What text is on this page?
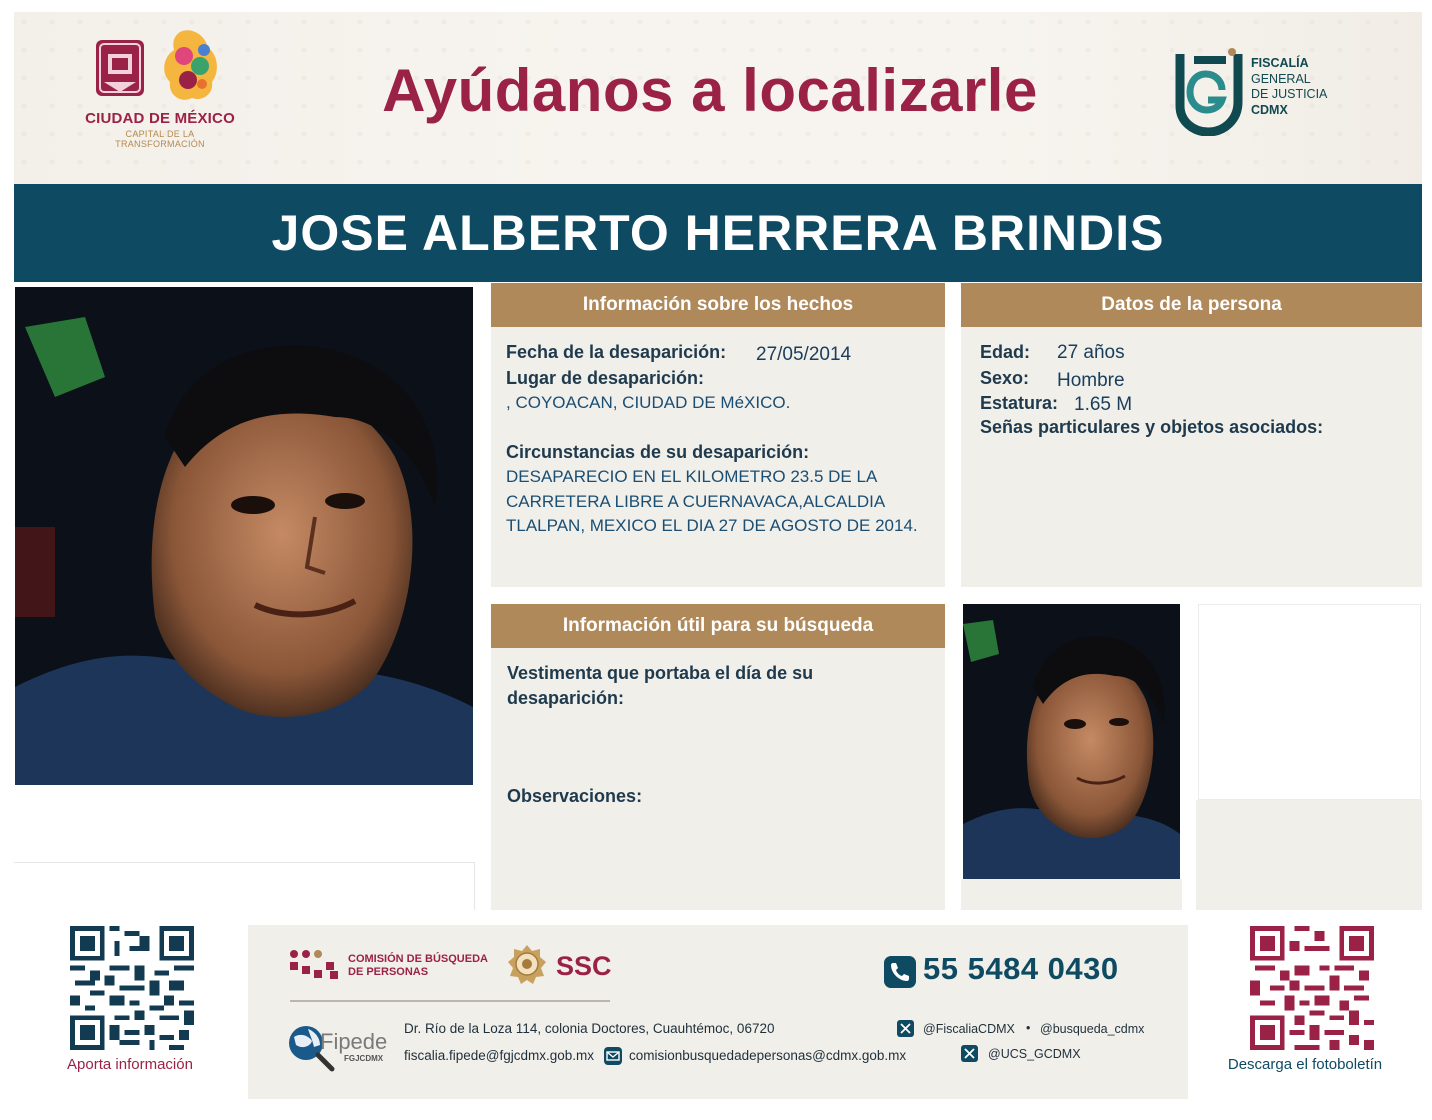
CIUDAD DE MÉXICO
CAPITAL DE LA TRANSFORMACIÓN
Ayúdanos a localizarle	FISCALÍA
GENERAL
DE JUSTICIA
CDMX
JOSE ALBERTO HERRERA BRINDIS
Información sobre los hechos
Fecha de la desaparición: 27/05/2014
Lugar de desaparición:
, COYOACAN, CIUDAD DE MéXICO.
Circunstancias de su desaparición:
DESAPARECIO EN EL KILOMETRO 23.5 DE LA
CARRETERA LIBRE A CUERNAVACA,ALCALDIA
TLALPAN, MEXICO EL DIA 27 DE AGOSTO DE 2014.
Datos de la persona
Edad: 27 años
Sexo: Hombre
Estatura: 1.65 M
Señas particulares y objetos asociados:
Información útil para su búsqueda
Vestimenta que portaba el día de su
desaparición:
Observaciones:
Aporta información
COMISIÓN DE BÚSQUEDA
DE PERSONAS	SSC	55 5484 0430
Fipede
FGJCDMX
Dr. Río de la Loza 114, colonia Doctores, Cuauhtémoc, 06720
fiscalia.fipede@fgjcdmx.gob.mx	comisionbusquedadepersonas@cdmx.gob.mx
@FiscaliaCDMX • @busqueda_cdmx
@UCS_GCDMX
Descarga el fotoboletín
